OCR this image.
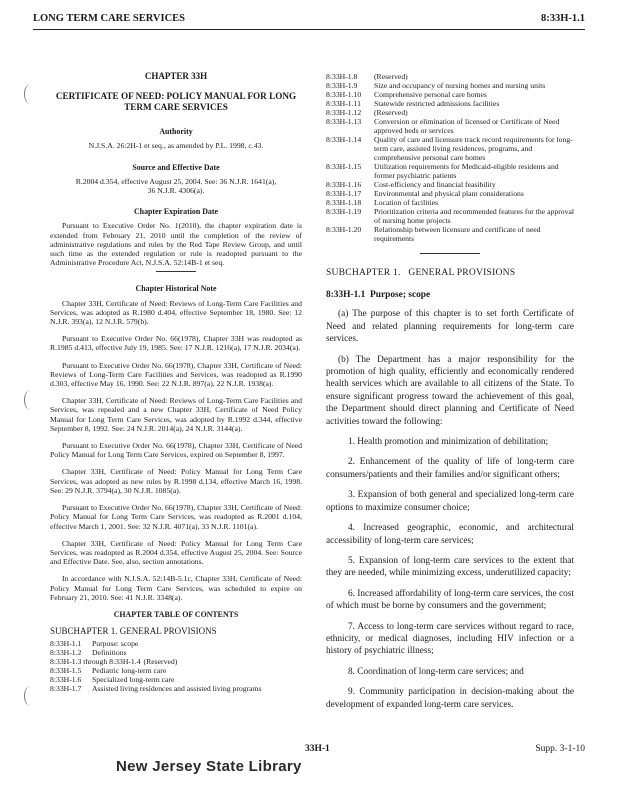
LONG TERM CARE SERVICES	8:33H-1.1
CHAPTER 33H
CERTIFICATE OF NEED: POLICY MANUAL FOR LONG TERM CARE SERVICES
Authority
N.J.S.A. 26:2H-1 et seq., as amended by P.L. 1998, c.43.
Source and Effective Date
R.2004 d.354, effective August 25, 2004. See: 36 N.J.R. 1641(a), 36 N.J.R. 4306(a).
Chapter Expiration Date
Pursuant to Executive Order No. 1(2010), the chapter expiration date is extended from February 21, 2010 until the completion of the review of administrative regulations and rules by the Red Tape Review Group, and until such time as the extended regulation or rule is readopted pursuant to the Administrative Procedure Act, N.J.S.A. 52:14B-1 et seq.
Chapter Historical Note
Chapter 33H, Certificate of Need: Reviews of Long-Term Care Facilities and Services, was adopted as R.1980 d.404, effective September 18, 1980. See: 12 N.J.R. 393(a), 12 N.J.R. 579(b).
Pursuant to Executive Order No. 66(1978), Chapter 33H was readopted as R.1985 d.413, effective July 19, 1985. See: 17 N.J.R. 1216(a), 17 N.J.R. 2034(a).
Pursuant to Executive Order No. 66(1978), Chapter 33H, Certificate of Need: Reviews of Long-Term Care Facilities and Services, was readopted as R.1990 d.303, effective May 16, 1990. See: 22 N.J.R. 897(a), 22 N.J.R. 1938(a).
Chapter 33H, Certificate of Need: Reviews of Long-Term Care Facilities and Services, was repealed and a new Chapter 33H, Certificate of Need Policy Manual for Long Term Care Services, was adopted by R.1992 d.344, effective September 8, 1992. See: 24 N.J.R. 2014(a), 24 N.J.R. 3144(a).
Pursuant to Executive Order No. 66(1978), Chapter 33H, Certificate of Need Policy Manual for Long Term Care Services, expired on September 8, 1997.
Chapter 33H, Certificate of Need: Policy Manual for Long Term Care Services, was adopted as new rules by R.1998 d.134, effective March 16, 1998. See: 29 N.J.R. 3794(a), 30 N.J.R. 1085(a).
Pursuant to Executive Order No. 66(1978), Chapter 33H, Certificate of Need: Policy Manual for Long Term Care Services, was readopted as R.2001 d.104, effective March 1, 2001. See: 32 N.J.R. 4071(a), 33 N.J.R. 1101(a).
Chapter 33H, Certificate of Need: Policy Manual for Long Term Care Services, was readopted as R.2004 d.354, effective August 25, 2004. See: Source and Effective Date. See, also, section annotations.
In accordance with N.J.S.A. 52:14B-5.1c, Chapter 33H, Certificate of Need: Policy Manual for Long Term Care Services, was scheduled to expire on February 21, 2010. See: 41 N.J.R. 3348(a).
CHAPTER TABLE OF CONTENTS
SUBCHAPTER 1. GENERAL PROVISIONS
8:33H-1.1	Purpose: scope
8:33H-1.2	Definitions
8:33H-1.3 through 8:33H-1.4 (Reserved)
8:33H-1.5	Pediatric long-term care
8:33H-1.6	Specialized long-term care
8:33H-1.7	Assisted living residences and assisted living programs
8:33H-1.8	(Reserved)
8:33H-1.9	Size and occupancy of nursing homes and nursing units
8:33H-1.10	Comprehensive personal care homes
8:33H-1.11	Statewide restricted admissions facilities
8:33H-1.12	(Reserved)
8:33H-1.13	Conversion or elimination of licensed or Certificate of Need approved beds or services
8:33H-1.14	Quality of care and licensure track record requirements for long-term care, assisted living residences, programs, and comprehensive personal care homes
8:33H-1.15	Utilization requirements for Medicaid-eligible residents and former psychiatric patients
8:33H-1.16	Cost-efficiency and financial feasibility
8:33H-1.17	Environmental and physical plant considerations
8:33H-1.18	Location of facilities
8:33H-1.19	Prioritization criteria and recommended features for the approval of nursing home projects
8:33H-1.20	Relationship between licensure and certificate of need requirements
SUBCHAPTER 1.   GENERAL PROVISIONS
8:33H-1.1 Purpose; scope
(a) The purpose of this chapter is to set forth Certificate of Need and related planning requirements for long-term care services.
(b) The Department has a major responsibility for the promotion of high quality, efficiently and economically rendered health services which are available to all citizens of the State. To ensure significant progress toward the achievement of this goal, the Department should direct planning and Certificate of Need activities toward the following:
1. Health promotion and minimization of debilitation;
2. Enhancement of the quality of life of long-term care consumers/patients and their families and/or significant others;
3. Expansion of both general and specialized long-term care options to maximize consumer choice;
4. Increased geographic, economic, and architectural accessibility of long-term care services;
5. Expansion of long-term care services to the extent that they are needed, while minimizing excess, underutilized capacity;
6. Increased affordability of long-term care services, the cost of which must be borne by consumers and the government;
7. Access to long-term care services without regard to race, ethnicity, or medical diagnoses, including HIV infection or a history of psychiatric illness;
8. Coordination of long-term care services; and
9. Community participation in decision-making about the development of expanded long-term care services.
33H-1	Supp. 3-1-10
New Jersey State Library
